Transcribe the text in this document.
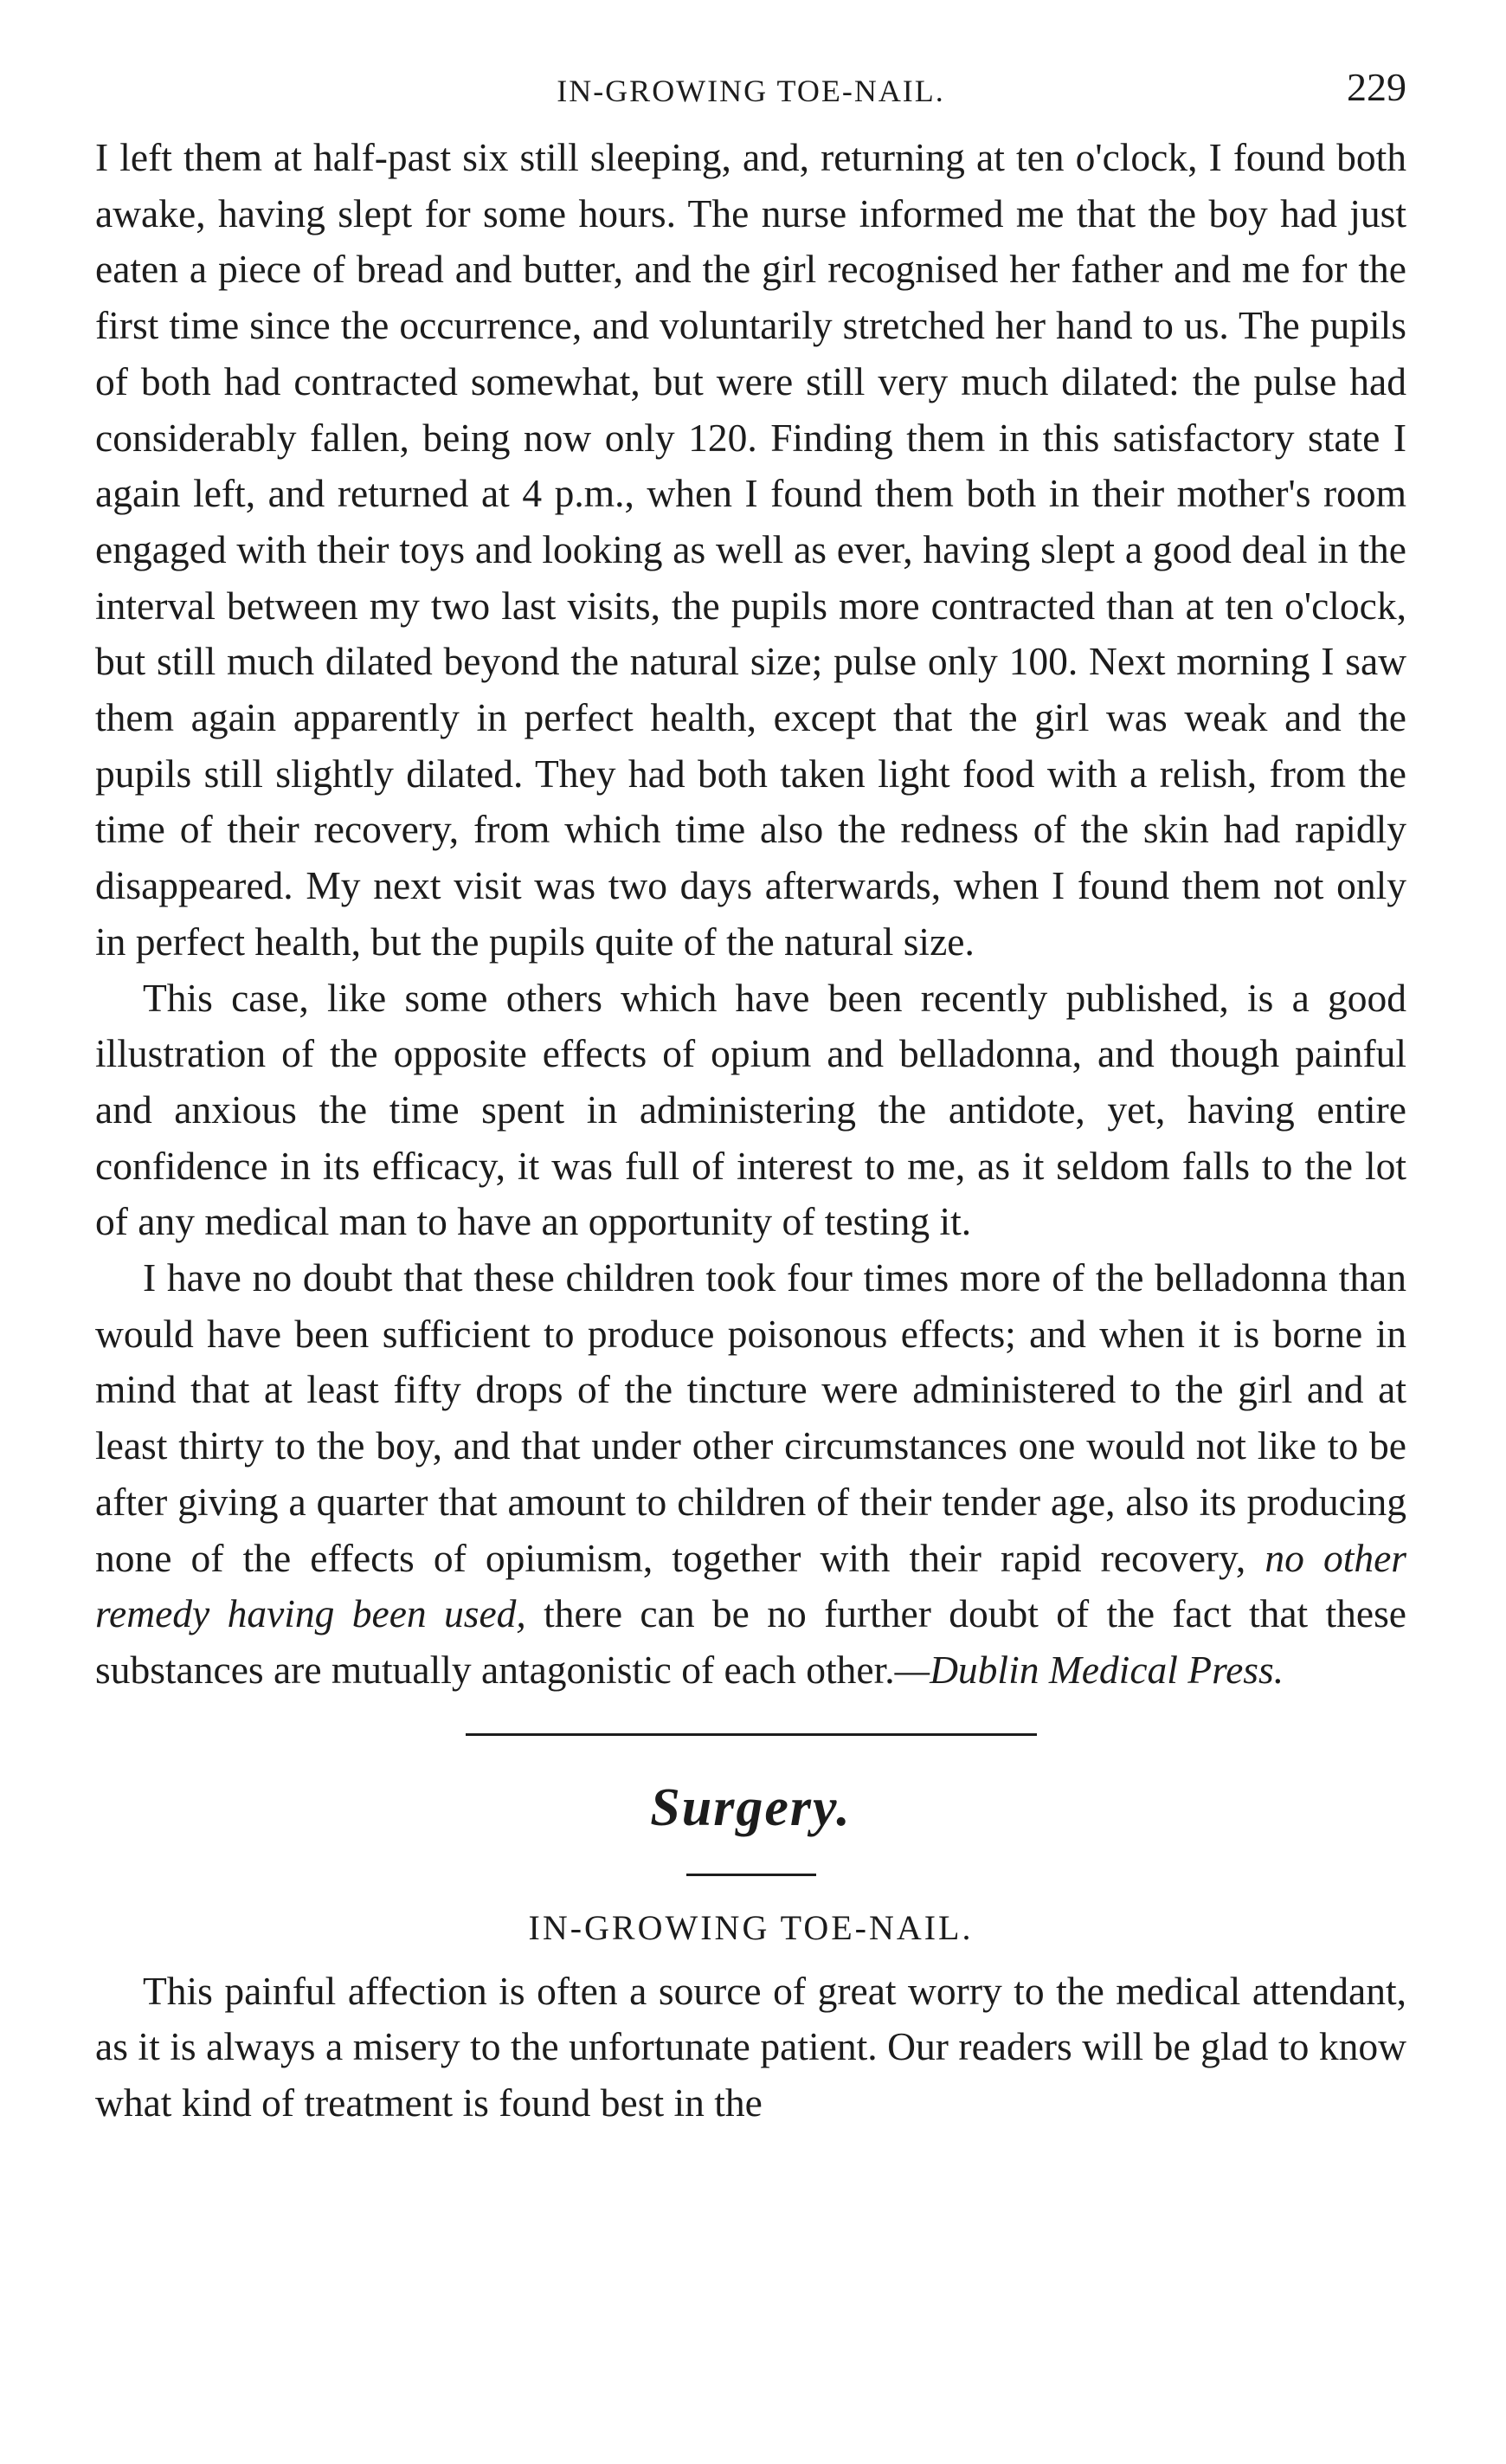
IN-GROWING TOE-NAIL.	229

I left them at half-past six still sleeping, and, returning at ten o'clock, I found both awake, having slept for some hours. The nurse informed me that the boy had just eaten a piece of bread and butter, and the girl recognised her father and me for the first time since the occurrence, and voluntarily stretched her hand to us. The pupils of both had contracted somewhat, but were still very much dilated: the pulse had considerably fallen, being now only 120. Finding them in this satisfactory state I again left, and returned at 4 p.m., when I found them both in their mother's room engaged with their toys and looking as well as ever, having slept a good deal in the interval between my two last visits, the pupils more contracted than at ten o'clock, but still much dilated beyond the natural size; pulse only 100. Next morning I saw them again apparently in perfect health, except that the girl was weak and the pupils still slightly dilated. They had both taken light food with a relish, from the time of their recovery, from which time also the redness of the skin had rapidly disappeared. My next visit was two days afterwards, when I found them not only in perfect health, but the pupils quite of the natural size.

This case, like some others which have been recently published, is a good illustration of the opposite effects of opium and belladonna, and though painful and anxious the time spent in administering the antidote, yet, having entire confidence in its efficacy, it was full of interest to me, as it seldom falls to the lot of any medical man to have an opportunity of testing it.

I have no doubt that these children took four times more of the belladonna than would have been sufficient to produce poisonous effects; and when it is borne in mind that at least fifty drops of the tincture were administered to the girl and at least thirty to the boy, and that under other circumstances one would not like to be after giving a quarter that amount to children of their tender age, also its producing none of the effects of opiumism, together with their rapid recovery, no other remedy having been used, there can be no further doubt of the fact that these substances are mutually antagonistic of each other.—Dublin Medical Press.

Surgery.
IN-GROWING TOE-NAIL.

This painful affection is often a source of great worry to the medical attendant, as it is always a misery to the unfortunate patient. Our readers will be glad to know what kind of treatment is found best in the
